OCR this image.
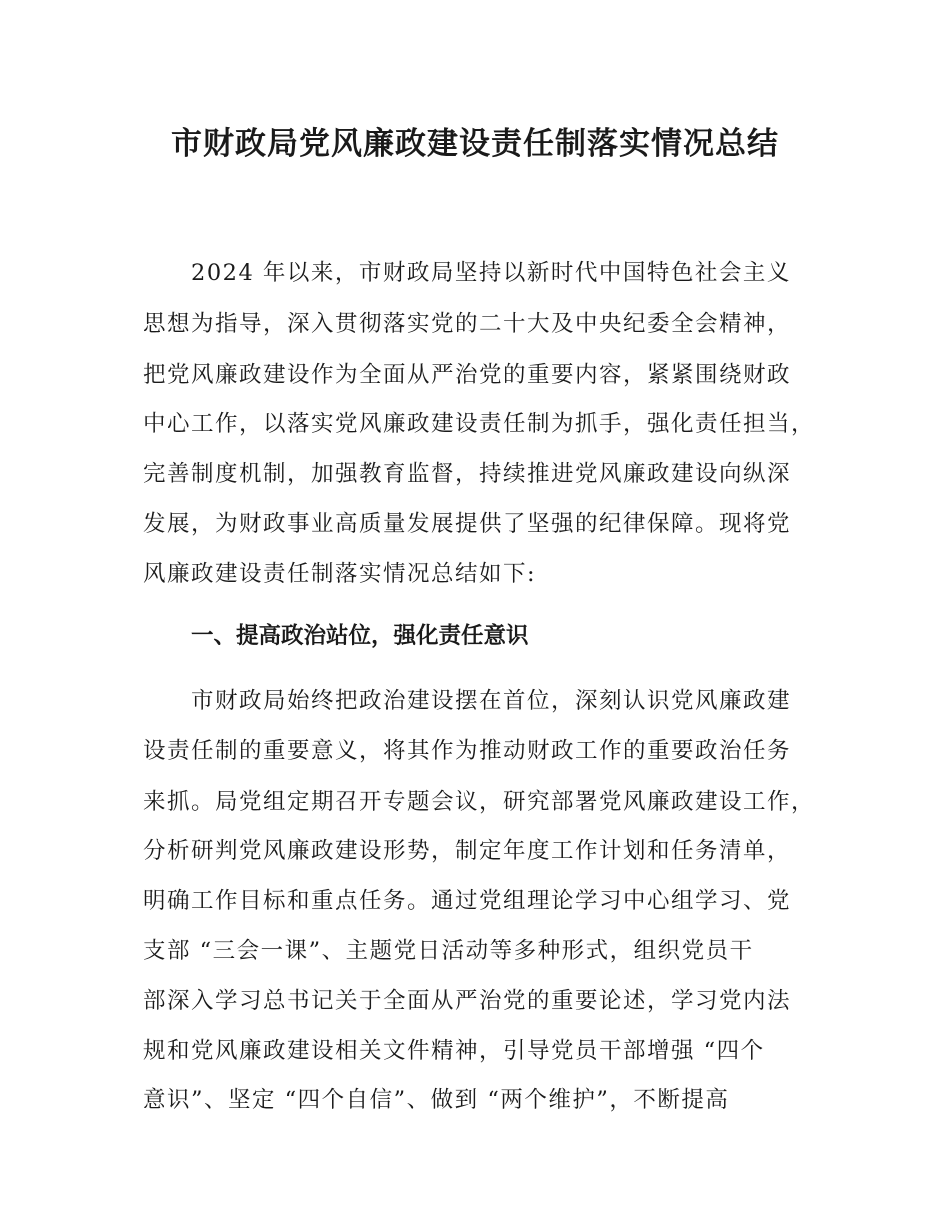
市财政局党风廉政建设责任制落实情况总结
2024 年以来，市财政局坚持以新时代中国特色社会主义
思想为指导，深入贯彻落实党的二十大及中央纪委全会精神，
把党风廉政建设作为全面从严治党的重要内容，紧紧围绕财政
中心工作，以落实党风廉政建设责任制为抓手，强化责任担当，
完善制度机制，加强教育监督，持续推进党风廉政建设向纵深
发展，为财政事业高质量发展提供了坚强的纪律保障。现将党
风廉政建设责任制落实情况总结如下:
一、提高政治站位，强化责任意识
市财政局始终把政治建设摆在首位，深刻认识党风廉政建
设责任制的重要意义，将其作为推动财政工作的重要政治任务
来抓。局党组定期召开专题会议，研究部署党风廉政建设工作，
分析研判党风廉政建设形势，制定年度工作计划和任务清单，
明确工作目标和重点任务。通过党组理论学习中心组学习、党
支部 “三会一课”、主题党日活动等多种形式，组织党员干
部深入学习总书记关于全面从严治党的重要论述，学习党内法
规和党风廉政建设相关文件精神，引导党员干部增强 “四个
意识”、坚定 “四个自信”、做到 “两个维护”，不断提高
